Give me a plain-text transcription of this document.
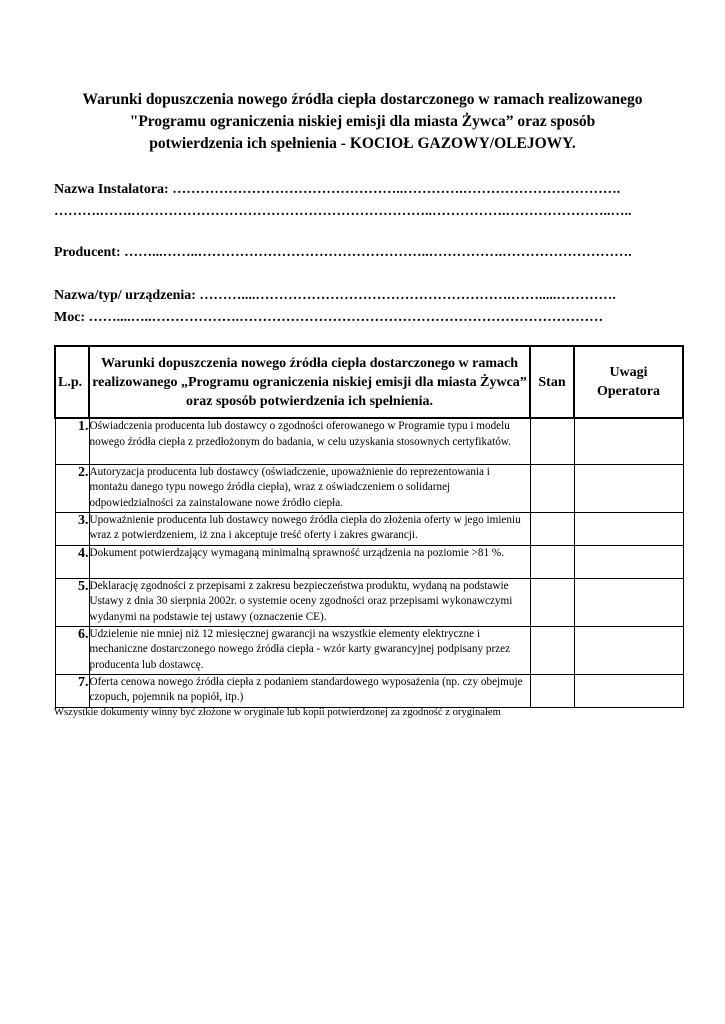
Warunki dopuszczenia nowego źródła ciepła dostarczonego w ramach realizowanego
"Programu ograniczenia niskiej emisji dla miasta Żywca” oraz sposób
potwierdzenia ich spełnienia - KOCIOŁ GAZOWY/OLEJOWY.
Nazwa Instalatora: …………………………………………..………….…………………………….
……….…….………………………………………………………..…………….…………………..…..
Producent: ……...……..…………………………………………..…………….……………………….
Nazwa/typ/ urządzenia: ………....……………………………………………….…….....………….
Moc: ……....…..……………….……………………………………………………………………
L.p.	Warunki dopuszczenia nowego źródła ciepła dostarczonego w ramach realizowanego „Programu ograniczenia niskiej emisji dla miasta Żywca” oraz sposób potwierdzenia ich spełnienia.	Stan	Uwagi Operatora
1.	Oświadczenia producenta lub dostawcy o zgodności oferowanego w Programie typu i modelu nowego źródła ciepła z przedłożonym do badania, w celu uzyskania stosownych certyfikatów.		
2.	Autoryzacja producenta lub dostawcy (oświadczenie, upoważnienie do reprezentowania i montażu danego typu nowego źródła ciepła), wraz z oświadczeniem o solidarnej odpowiedzialności za zainstalowane nowe źródło ciepła.		
3.	Upoważnienie producenta lub dostawcy nowego źródła ciepła do złożenia oferty w jego imieniu wraz z potwierdzeniem, iż zna i akceptuje treść oferty i zakres gwarancji.		
4.	Dokument potwierdzający wymaganą minimalną sprawność urządzenia na poziomie >81 %.		
5.	Deklarację zgodności z przepisami z zakresu bezpieczeństwa produktu, wydaną na podstawie Ustawy z dnia 30 sierpnia 2002r. o systemie oceny zgodności oraz przepisami wykonawczymi wydanymi na podstawie tej ustawy (oznaczenie CE).		
6.	Udzielenie nie mniej niż 12 miesięcznej gwarancji na wszystkie elementy elektryczne i mechaniczne dostarczonego nowego źródła ciepła - wzór karty gwarancyjnej podpisany przez producenta lub dostawcę.		
7.	Oferta cenowa nowego źródła ciepła z podaniem standardowego wyposażenia (np. czy obejmuje czopuch, pojemnik na popiół, itp.)		
Wszystkie dokumenty winny być złożone w oryginale lub kopii potwierdzonej za zgodność z oryginałem
